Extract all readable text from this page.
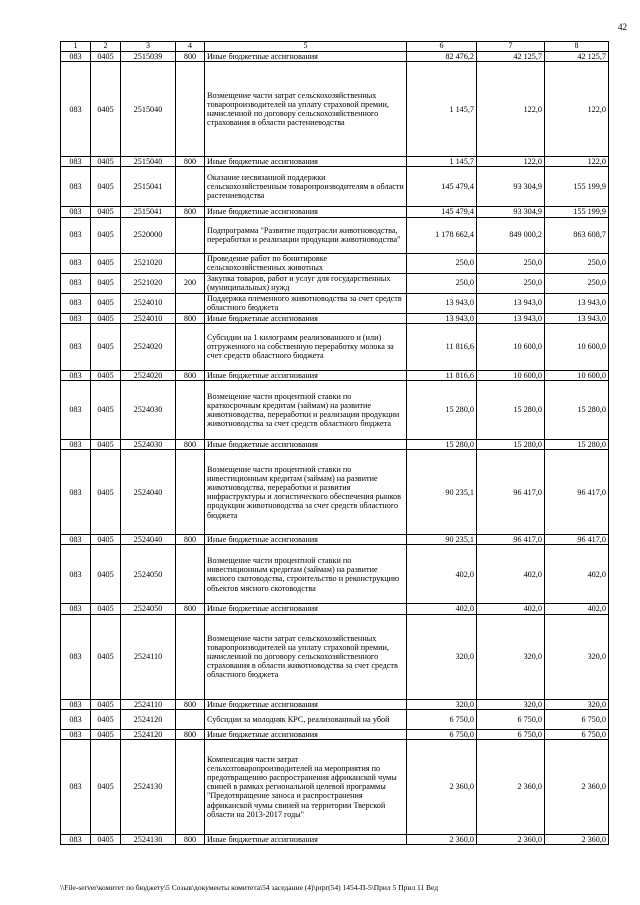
42
1	2	3	4	5	6	7	8
083	0405	2515039	800	Иные бюджетные ассигнования	82 476,2	42 125,7	42 125,7
083	0405	2515040		Возмещение части затрат сельскохозяйственных товаропроизводителей на уплату страховой премии, начисленной по договору сельскохозяйственного страхования в области растениеводства	1 145,7	122,0	122,0
083	0405	2515040	800	Иные бюджетные ассигнования	1 145,7	122,0	122,0
083	0405	2515041		Оказание несвязанной поддержки сельскохозяйственным товаропроизводителям в области растениеводства	145 479,4	93 304,9	155 199,9
083	0405	2515041	800	Иные бюджетные ассигнования	145 479,4	93 304,9	155 199,9
083	0405	2520000		Подпрограмма "Развитие подотрасли животноводства, переработки и реализации продукции животноводства"	1 178 662,4	849 000,2	863 608,7
083	0405	2521020		Проведение работ по бонитировке сельскохозяйственных животных	250,0	250,0	250,0
083	0405	2521020	200	Закупка товаров, работ и услуг для государственных (муниципальных) нужд	250,0	250,0	250,0
083	0405	2524010		Поддержка племенного животноводства за счет средств областного бюджета	13 943,0	13 943,0	13 943,0
083	0405	2524010	800	Иные бюджетные ассигнования	13 943,0	13 943,0	13 943,0
083	0405	2524020		Субсидии на 1 килограмм реализованного и (или) отгруженного на собственную переработку молока за счет средств областного бюджета	11 816,6	10 600,0	10 600,0
083	0405	2524020	800	Иные бюджетные ассигнования	11 816,6	10 600,0	10 600,0
083	0405	2524030		Возмещение части процентной ставки по краткосрочным кредитам (займам) на развитие животноводства, переработки и реализации продукции животноводства за счет средств областного бюджета	15 280,0	15 280,0	15 280,0
083	0405	2524030	800	Иные бюджетные ассигнования	15 280,0	15 280,0	15 280,0
083	0405	2524040		Возмещение части процентной ставки по инвестиционным кредитам (займам) на развитие животноводства, переработки и развития инфраструктуры и логистического обеспечения рынков продукции животноводства за счет средств областного бюджета	90 235,1	96 417,0	96 417,0
083	0405	2524040	800	Иные бюджетные ассигнования	90 235,1	96 417,0	96 417,0
083	0405	2524050		Возмещение части процентной ставки по инвестиционным кредитам (займам) на развитие мясного скотоводства, строительство и реконструкцию объектов мясного скотоводства	402,0	402,0	402,0
083	0405	2524050	800	Иные бюджетные ассигнования	402,0	402,0	402,0
083	0405	2524110		Возмещение части затрат сельскохозяйственных товаропроизводителей на уплату страховой премии, начисленной по договору сельскохозяйственного страхования в области животноводства за счет средств областного бюджета	320,0	320,0	320,0
083	0405	2524110	800	Иные бюджетные ассигнования	320,0	320,0	320,0
083	0405	2524120		Субсидии за молодняк КРС, реализованный на убой	6 750,0	6 750,0	6 750,0
083	0405	2524120	800	Иные бюджетные ассигнования	6 750,0	6 750,0	6 750,0
083	0405	2524130		Компенсация части затрат сельхозтоваропроизводителей на мероприятия по предотвращению распространения африканской чумы свиней в рамках региональной целевой программы "Предотвращение заноса и распространения африканской чумы свиней на территории Тверской области на 2013-2017 годы"	2 360,0	2 360,0	2 360,0
083	0405	2524130	800	Иные бюджетные ассигнования	2 360,0	2 360,0	2 360,0
\\File-server\комитет по бюджету\5 Созыв\документы комитета\54 заседание (4)\prpr(54) 1454-П-5\Прил 5 Прил 11 Вед
